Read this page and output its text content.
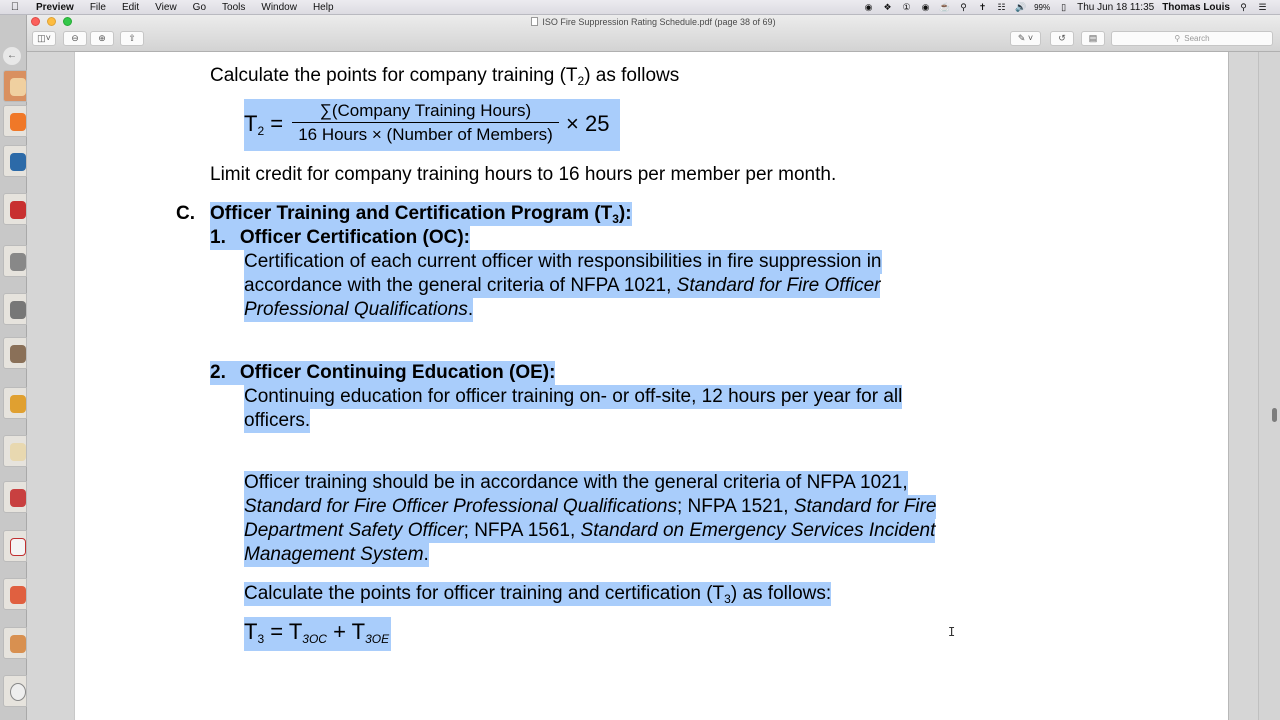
Preview	File	Edit	View	Go	Tools	Window	Help	◉ ❖ ① ◉ ☕ ⚲ ✝ ☷ 🔊 99%	▯	Thu Jun 18 11:35 Thomas Louis ⚲ ☰
←
ISO Fire Suppression Rating Schedule.pdf (page 38 of 69)
◫˅ ⊖ ⊕ ⇧	✎ ˅	↺	▤	⚲ Search
Calculate the points for company training $(T_2)$ as follows
$T_2$ =
∑(Company Training Hours)
16 Hours × (Number of Members) × 25
Limit credit for company training hours to 16 hours per member per month.
C. Officer Training and Certification Program $(T_3)$:
1. Officer Certification (OC):
Certification of each current officer with responsibilities in fire suppression in
accordance with the general criteria of NFPA 1021, Standard for Fire Officer
Professional Qualifications.
2. Officer Continuing Education (OE):
Continuing education for officer training on- or off-site, 12 hours per year for all
officers.
Officer training should be in accordance with the general criteria of NFPA 1021,
Standard for Fire Officer Professional Qualifications; NFPA 1521, Standard for Fire
Department Safety Officer; NFPA 1561, Standard on Emergency Services Incident
Management System.
Calculate the points for officer training and certification $(T_3)$ as follows:
$T_3 = T_{3OC} + T_{3OE}$	I
